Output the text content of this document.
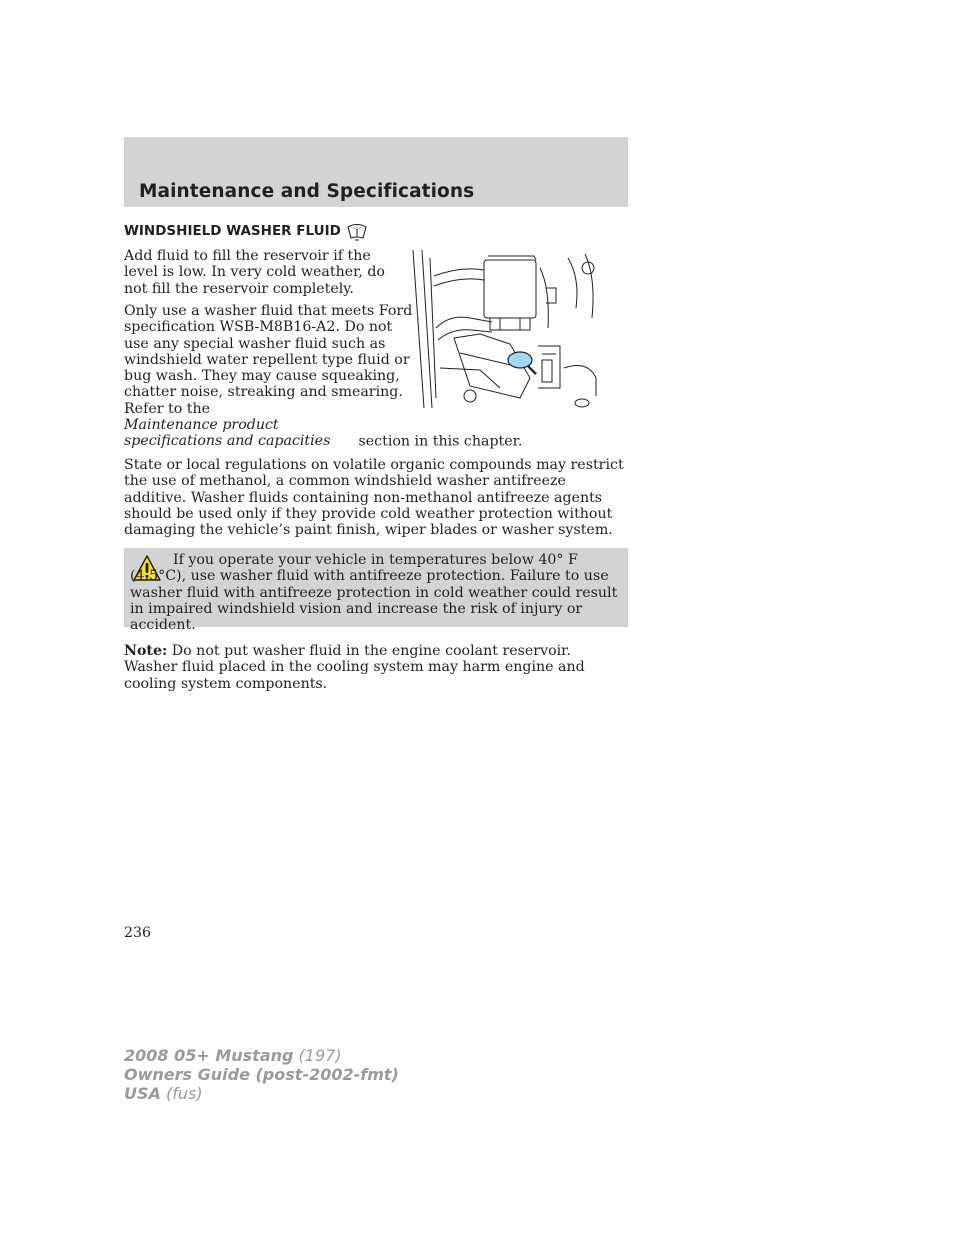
Maintenance and Specifications
WINDSHIELD WASHER FLUID

Add fluid to fill the reservoir if the level is low. In very cold weather, do not fill the reservoir completely.

Only use a washer fluid that meets Ford specification WSB-M8B16-A2. Do not use any special washer fluid such as windshield water repellent type fluid or bug wash. They may cause squeaking, chatter noise, streaking and smearing. Refer to the

Maintenance product specifications and capacities section in this chapter.

State or local regulations on volatile organic compounds may restrict the use of methanol, a common windshield washer antifreeze additive. Washer fluids containing non-methanol antifreeze agents should be used only if they provide cold weather protection without damaging the vehicle’s paint finish, wiper blades or washer system.

If you operate your vehicle in temperatures below 40° F (4.5°C), use washer fluid with antifreeze protection. Failure to use washer fluid with antifreeze protection in cold weather could result in impaired windshield vision and increase the risk of injury or accident.

Note: Do not put washer fluid in the engine coolant reservoir. Washer fluid placed in the cooling system may harm engine and cooling system components.

236

2008 05+ Mustang (197)
Owners Guide (post-2002-fmt)
USA (fus)
